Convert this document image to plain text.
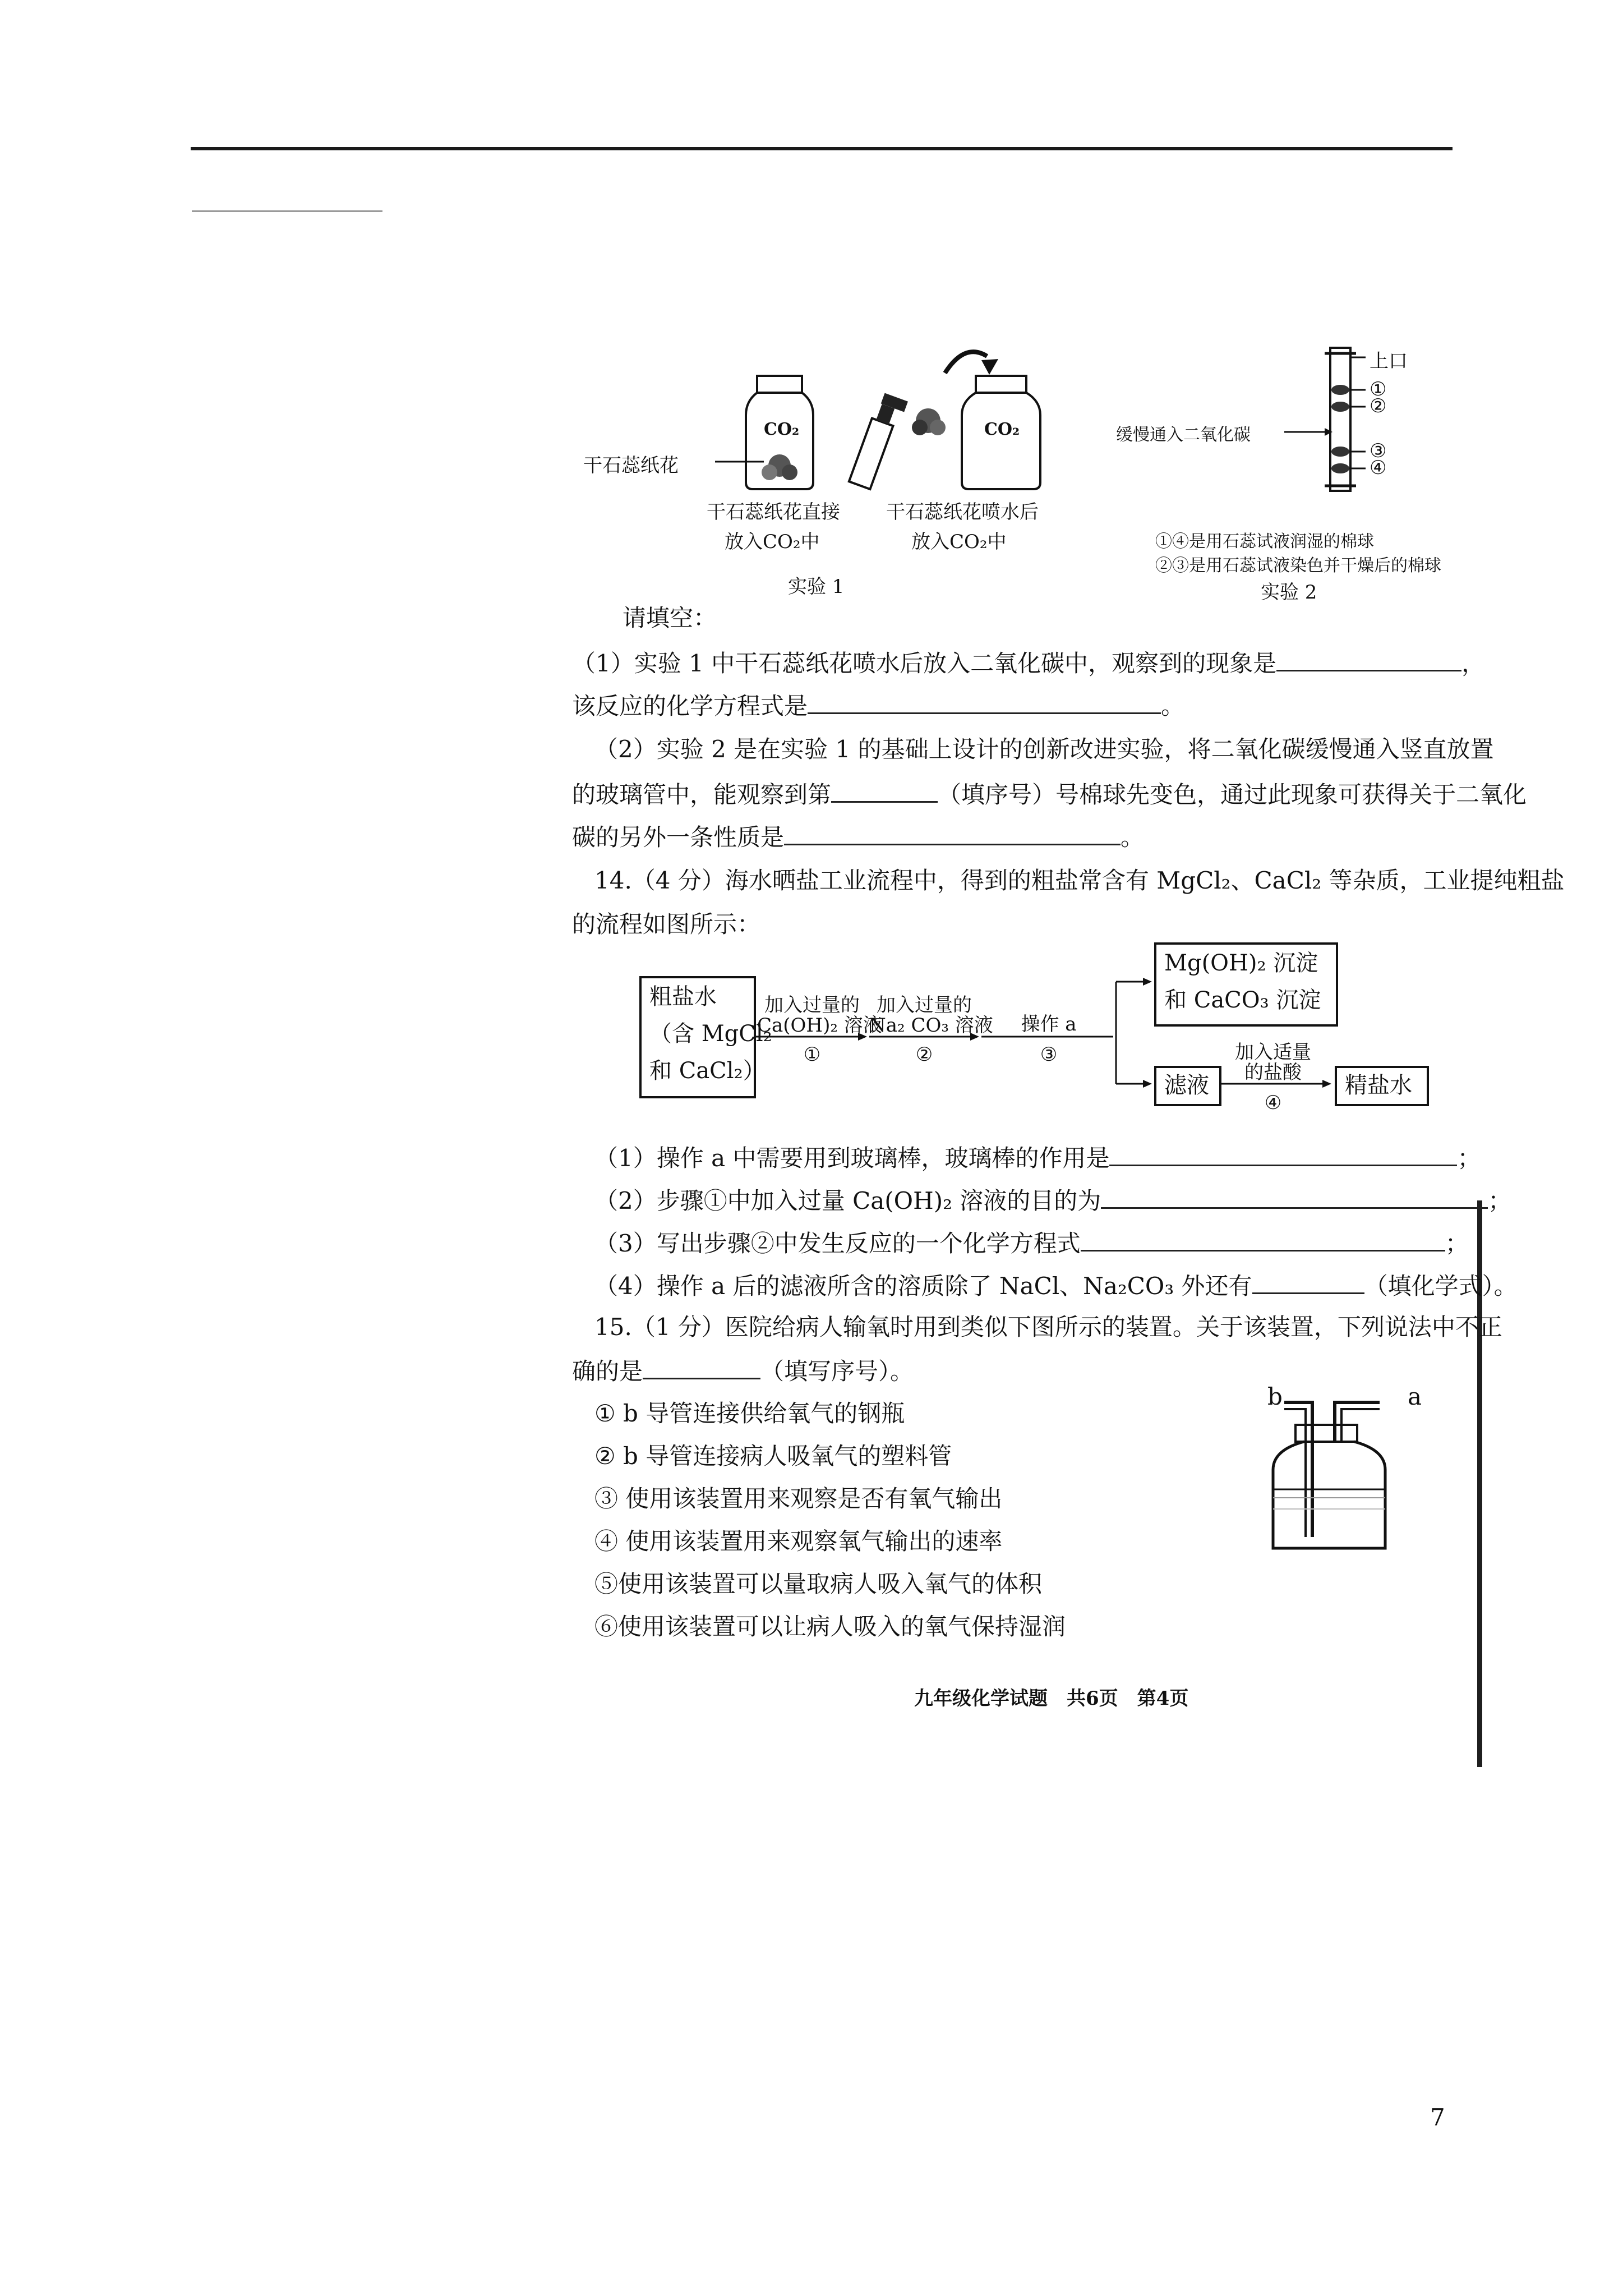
CO₂	CO₂
干石蕊纸花
干石蕊纸花直接
放入CO₂中
干石蕊纸花喷水后
放入CO₂中
实验 1
上口
①
②
③
④
缓慢通入二氧化碳
①④是用石蕊试液润湿的棉球
②③是用石蕊试液染色并干燥后的棉球
实验 2
请填空：
（1）实验 1 中干石蕊纸花喷水后放入二氧化碳中，观察到的现象是	，
该反应的化学方程式是	。
（2）实验 2 是在实验 1 的基础上设计的创新改进实验，将二氧化碳缓慢通入竖直放置
的玻璃管中，能观察到第	（填序号）号棉球先变色，通过此现象可获得关于二氧化
碳的另外一条性质是	。
14.（4 分）海水晒盐工业流程中，得到的粗盐常含有 MgCl₂、CaCl₂ 等杂质，工业提纯粗盐
的流程如图所示：
粗盐水
（含 MgCl₂
和 CaCl₂）
加入过量的
Ca(OH)₂ 溶液
①
加入过量的
Na₂ CO₃ 溶液
②
操作 a
③
Mg(OH)₂ 沉淀
和 CaCO₃ 沉淀
滤液
加入适量
的盐酸
④
精盐水
（1）操作 a 中需要用到玻璃棒，玻璃棒的作用是	；
（2）步骤①中加入过量 Ca(OH)₂ 溶液的目的为	；
（3）写出步骤②中发生反应的一个化学方程式	；
（4）操作 a 后的滤液所含的溶质除了 NaCl、Na₂CO₃ 外还有	（填化学式）。
15.（1 分）医院给病人输氧时用到类似下图所示的装置。关于该装置，下列说法中不正
确的是	（填写序号）。
① b 导管连接供给氧气的钢瓶
② b 导管连接病人吸氧气的塑料管
③ 使用该装置用来观察是否有氧气输出
④ 使用该装置用来观察氧气输出的速率
⑤使用该装置可以量取病人吸入氧气的体积
⑥使用该装置可以让病人吸入的氧气保持湿润
b	a
九年级化学试题　共6页　第4页
7
